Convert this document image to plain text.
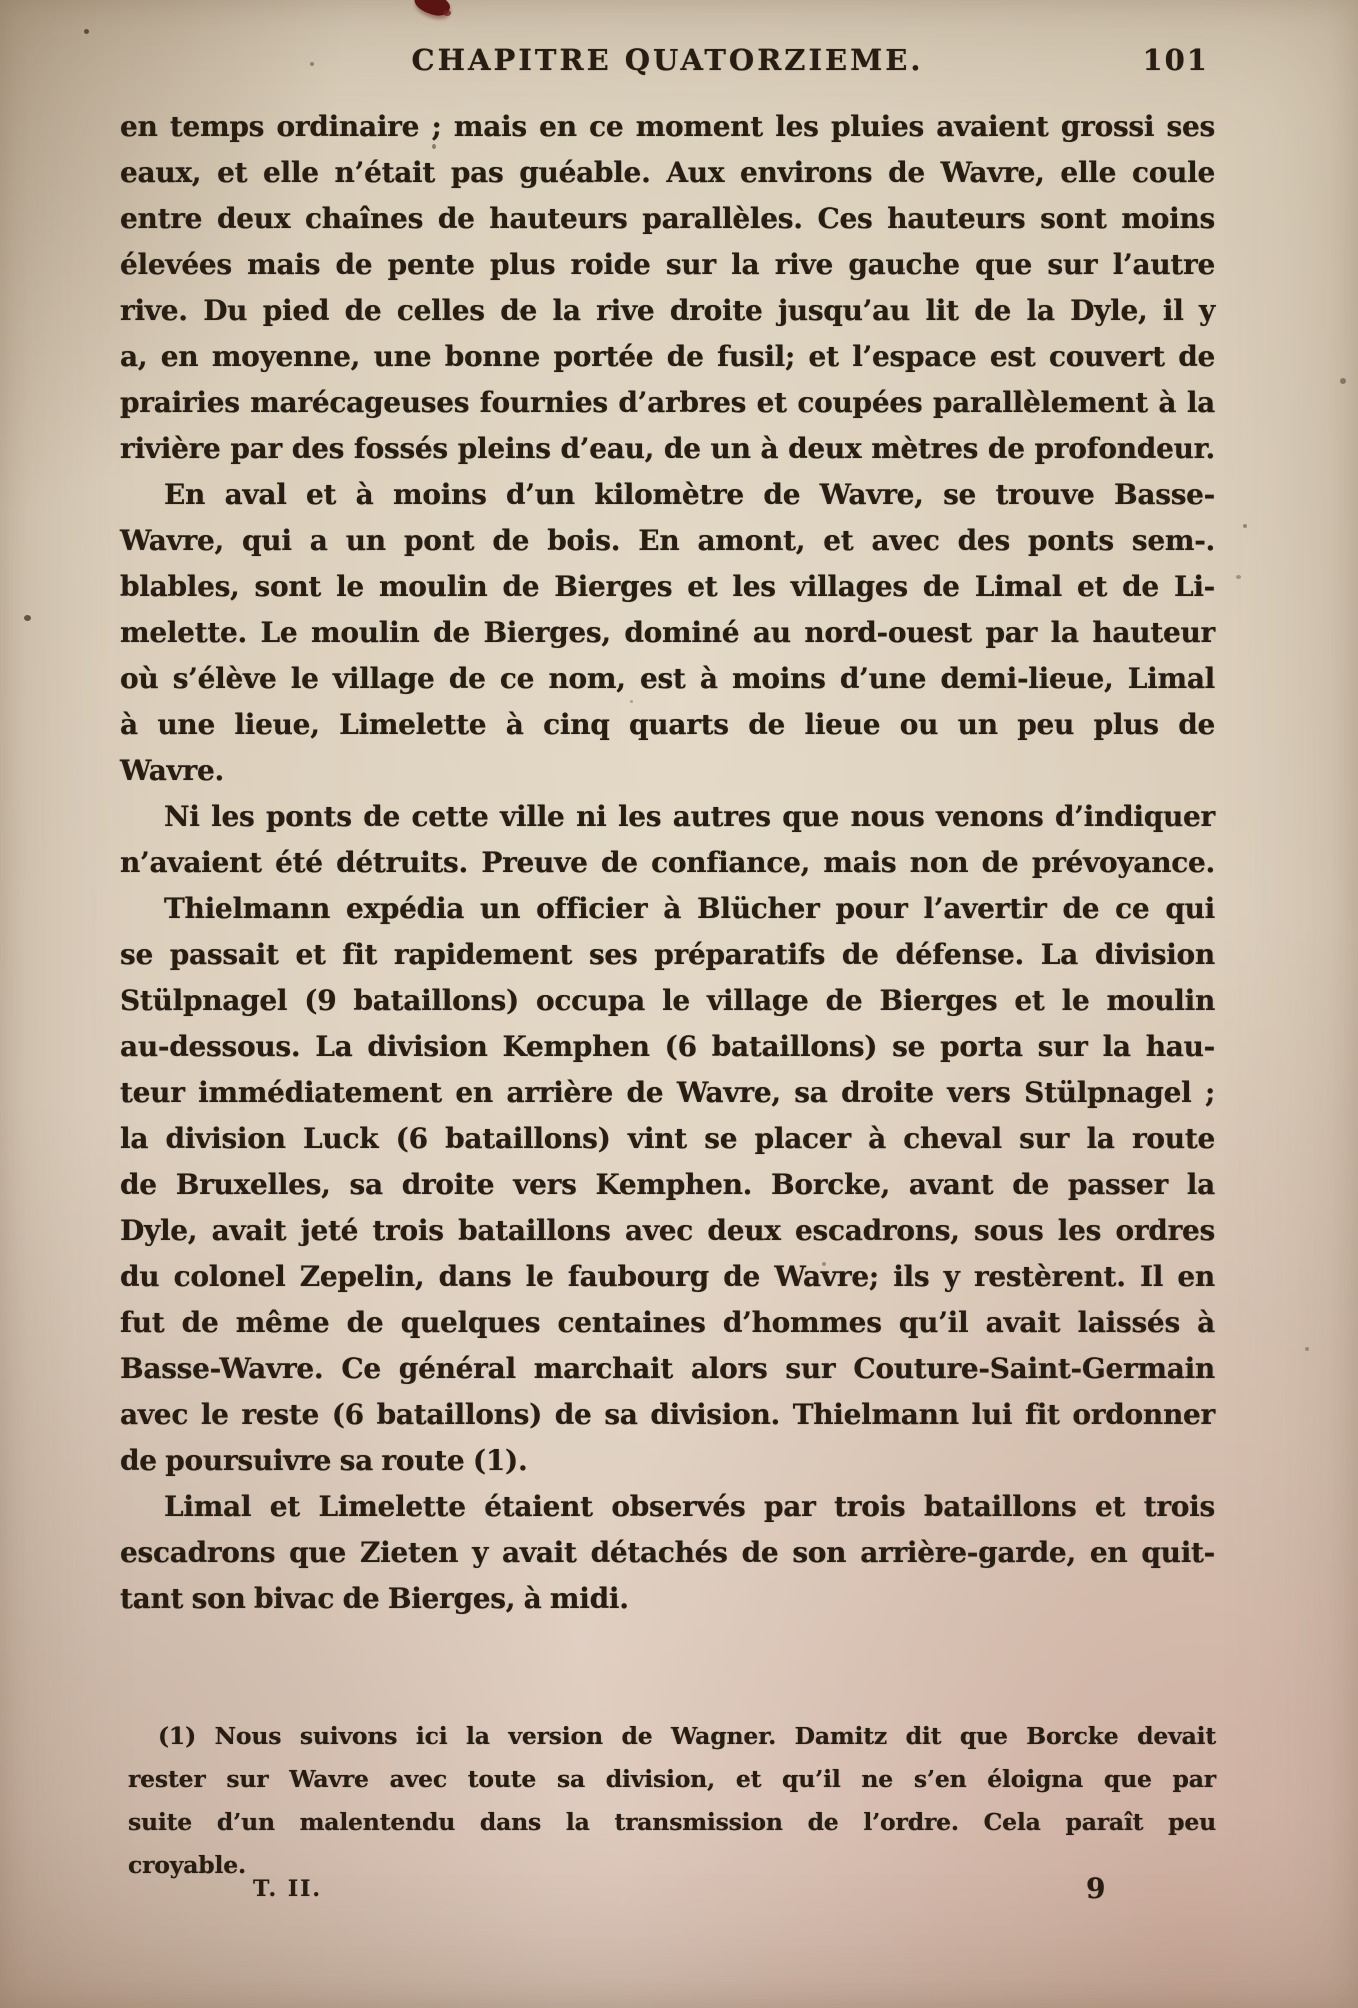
CHAPITRE QUATORZIEME.	101
en temps ordinaire ; mais en ce moment les pluies avaient grossi ses
eaux, et elle n’était pas guéable. Aux environs de Wavre, elle coule
entre deux chaînes de hauteurs parallèles. Ces hauteurs sont moins
élevées mais de pente plus roide sur la rive gauche que sur l’autre
rive. Du pied de celles de la rive droite jusqu’au lit de la Dyle, il y
a, en moyenne, une bonne portée de fusil; et l’espace est couvert de
prairies marécageuses fournies d’arbres et coupées parallèlement à la
rivière par des fossés pleins d’eau, de un à deux mètres de profondeur.
En aval et à moins d’un kilomètre de Wavre, se trouve Basse-
Wavre, qui a un pont de bois. En amont, et avec des ponts sem-.
blables, sont le moulin de Bierges et les villages de Limal et de Li-
melette. Le moulin de Bierges, dominé au nord-ouest par la hauteur
où s’élève le village de ce nom, est à moins d’une demi-lieue, Limal
à une lieue, Limelette à cinq quarts de lieue ou un peu plus de
Wavre.
Ni les ponts de cette ville ni les autres que nous venons d’indiquer
n’avaient été détruits. Preuve de confiance, mais non de prévoyance.
Thielmann expédia un officier à Blücher pour l’avertir de ce qui
se passait et fit rapidement ses préparatifs de défense. La division
Stülpnagel (9 bataillons) occupa le village de Bierges et le moulin
au-dessous. La division Kemphen (6 bataillons) se porta sur la hau-
teur immédiatement en arrière de Wavre, sa droite vers Stülpnagel ;
la division Luck (6 bataillons) vint se placer à cheval sur la route
de Bruxelles, sa droite vers Kemphen. Borcke, avant de passer la
Dyle, avait jeté trois bataillons avec deux escadrons, sous les ordres
du colonel Zepelin, dans le faubourg de Wavre; ils y restèrent. Il en
fut de même de quelques centaines d’hommes qu’il avait laissés à
Basse-Wavre. Ce général marchait alors sur Couture-Saint-Germain
avec le reste (6 bataillons) de sa division. Thielmann lui fit ordonner
de poursuivre sa route (1).
Limal et Limelette étaient observés par trois bataillons et trois
escadrons que Zieten y avait détachés de son arrière-garde, en quit-
tant son bivac de Bierges, à midi.
(1) Nous suivons ici la version de Wagner. Damitz dit que Borcke devait
rester sur Wavre avec toute sa division, et qu’il ne s’en éloigna que par
suite d’un malentendu dans la transmission de l’ordre. Cela paraît peu
croyable.
T. II.	9
